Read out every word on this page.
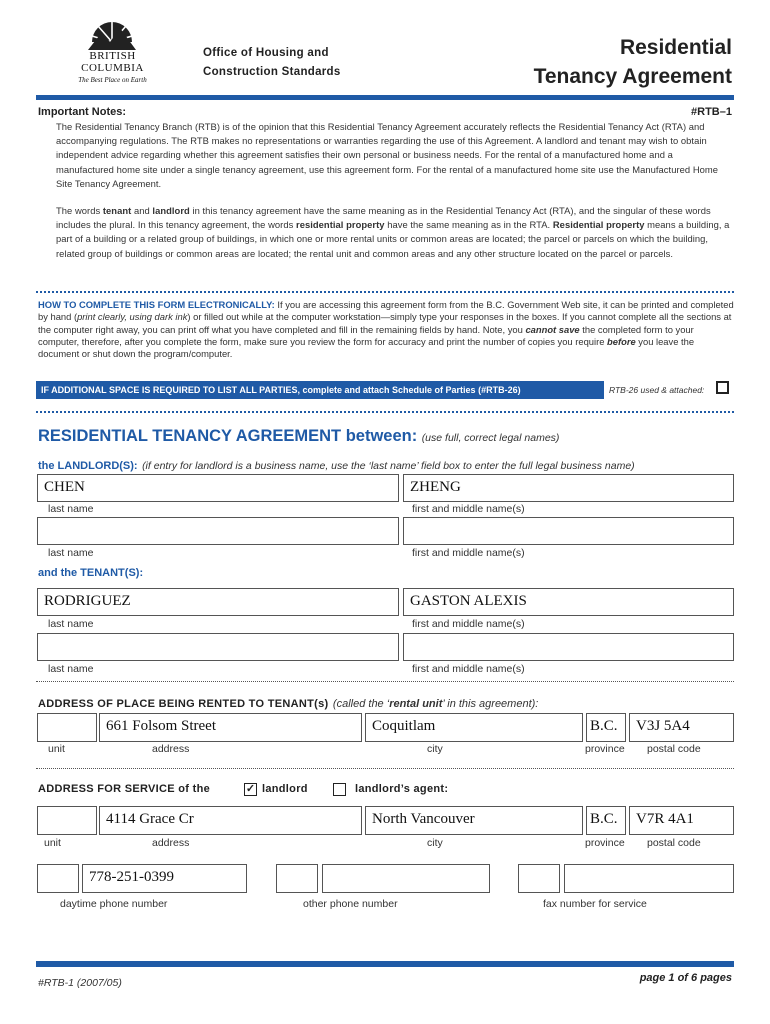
BRITISH
COLUMBIA
The Best Place on Earth
Office of Housing and
Construction Standards
Residential
Tenancy Agreement
Important Notes:	#RTB–1
The Residential Tenancy Branch (RTB) is of the opinion that this Residential Tenancy Agreement accurately reflects the Residential Tenancy Act (RTA) and accompanying regulations. The RTB makes no representations or warranties regarding the use of this Agreement. A landlord and tenant may wish to obtain independent advice regarding whether this agreement satisfies their own personal or business needs. For the rental of a manufactured home and a manufactured home site under a single tenancy agreement, use this agreement form. For the rental of a manufactured home site use the Manufactured Home Site Tenancy Agreement.
The words tenant and landlord in this tenancy agreement have the same meaning as in the Residential Tenancy Act (RTA), and the singular of these words includes the plural. In this tenancy agreement, the words residential property have the same meaning as in the RTA. Residential property means a building, a part of a building or a related group of buildings, in which one or more rental units or common areas are located; the parcel or parcels on which the building, related group of buildings or common areas are located; the rental unit and common areas and any other structure located on the parcel or parcels.
HOW TO COMPLETE THIS FORM ELECTRONICALLY: If you are accessing this agreement form from the B.C. Government Web site, it can be printed and completed by hand (print clearly, using dark ink) or filled out while at the computer workstation—simply type your responses in the boxes. If you cannot complete all the sections at the computer right away, you can print off what you have completed and fill in the remaining fields by hand. Note, you cannot save the completed form to your computer, therefore, after you complete the form, make sure you review the form for accuracy and print the number of copies you require before you leave the document or shut down the program/computer.
IF ADDITIONAL SPACE IS REQUIRED TO LIST ALL PARTIES, complete and attach Schedule of Parties (#RTB-26)	RTB-26 used & attached:
RESIDENTIAL TENANCY AGREEMENT between: (use full, correct legal names)
the LANDLORD(S): (if entry for landlord is a business name, use the ‘last name’ field box to enter the full legal business name)
CHEN	ZHENG
last name	first and middle name(s)
last name	first and middle name(s)
and the TENANT(S):
RODRIGUEZ	GASTON ALEXIS
last name	first and middle name(s)
last name	first and middle name(s)
ADDRESS OF PLACE BEING RENTED TO TENANT(s) (called the ‘rental unit’ in this agreement):
661 Folsom Street	Coquitlam	B.C.	V3J 5A4
unit	address	city	province postal code
ADDRESS FOR SERVICE of the	✓ landlord	landlord’s agent:
4114 Grace Cr	North Vancouver	B.C.	V7R 4A1
unit	address	city	province postal code
778-251-0399
daytime phone number	other phone number	fax number for service
#RTB-1 (2007/05)	page 1 of 6 pages
